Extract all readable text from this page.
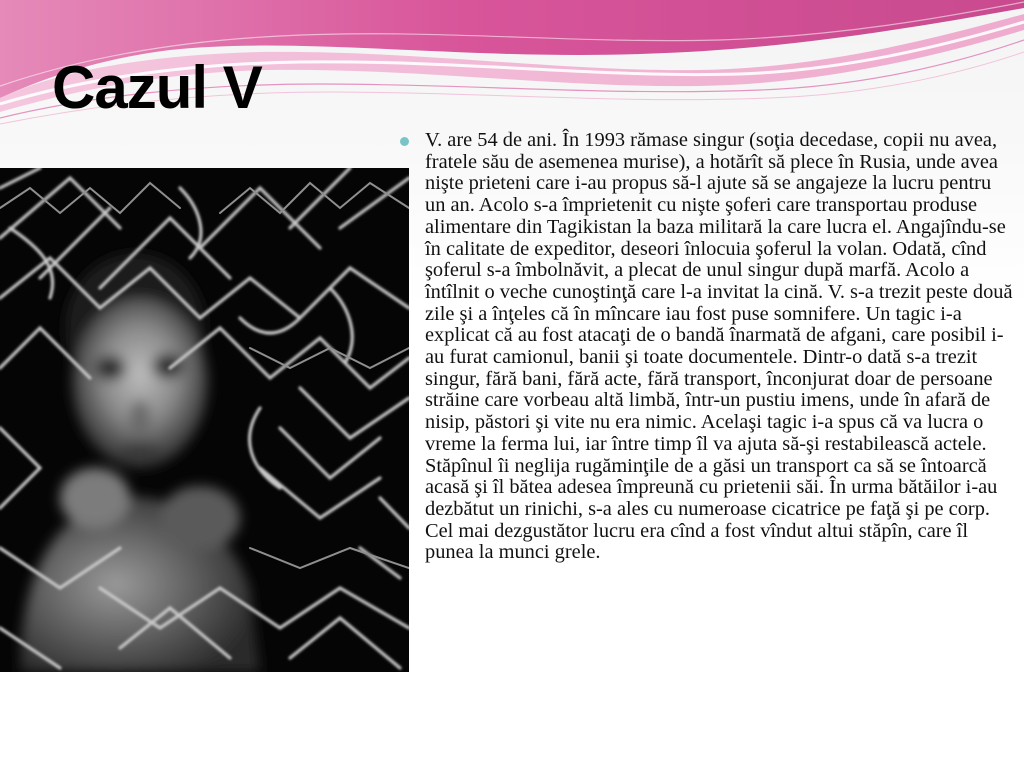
Cazul V

V. are 54 de ani. În 1993 rămase singur (soţia decedase, copii nu avea, fratele său de asemenea murise), a hotărît să plece în Rusia, unde avea nişte prieteni care i-au propus să-l ajute să se angajeze la lucru pentru un an. Acolo s-a împrietenit cu nişte şoferi care transportau produse alimentare din Tagikistan la baza militară la care lucra el. Angajîndu-se în calitate de expeditor, deseori înlocuia şoferul la volan. Odată, cînd şoferul s-a îmbolnăvit, a plecat de unul singur după marfă. Acolo a întîlnit o veche cunoştinţă care l-a invitat la cină. V. s-a trezit peste două zile şi a înţeles că în mîncare iau fost puse somnifere. Un tagic i-a explicat că au fost atacaţi de o bandă înarmată de afgani, care posibil i-au furat camionul, banii şi toate documentele. Dintr-o dată s-a trezit singur, fără bani, fără acte, fără transport, înconjurat doar de persoane străine care vorbeau altă limbă, într-un pustiu imens, unde în afară de nisip, păstori şi vite nu era nimic. Acelaşi tagic i-a spus că va lucra o vreme la ferma lui, iar între timp îl va ajuta să-şi restabilească actele. Stăpînul îi neglija rugăminţile de a găsi un transport ca să se întoarcă acasă şi îl bătea adesea împreună cu prietenii săi. În urma bătăilor i-au dezbătut un rinichi, s-a ales cu numeroase cicatrice pe faţă şi pe corp. Cel mai dezgustător lucru era cînd a fost vîndut altui stăpîn, care îl punea la munci grele.
